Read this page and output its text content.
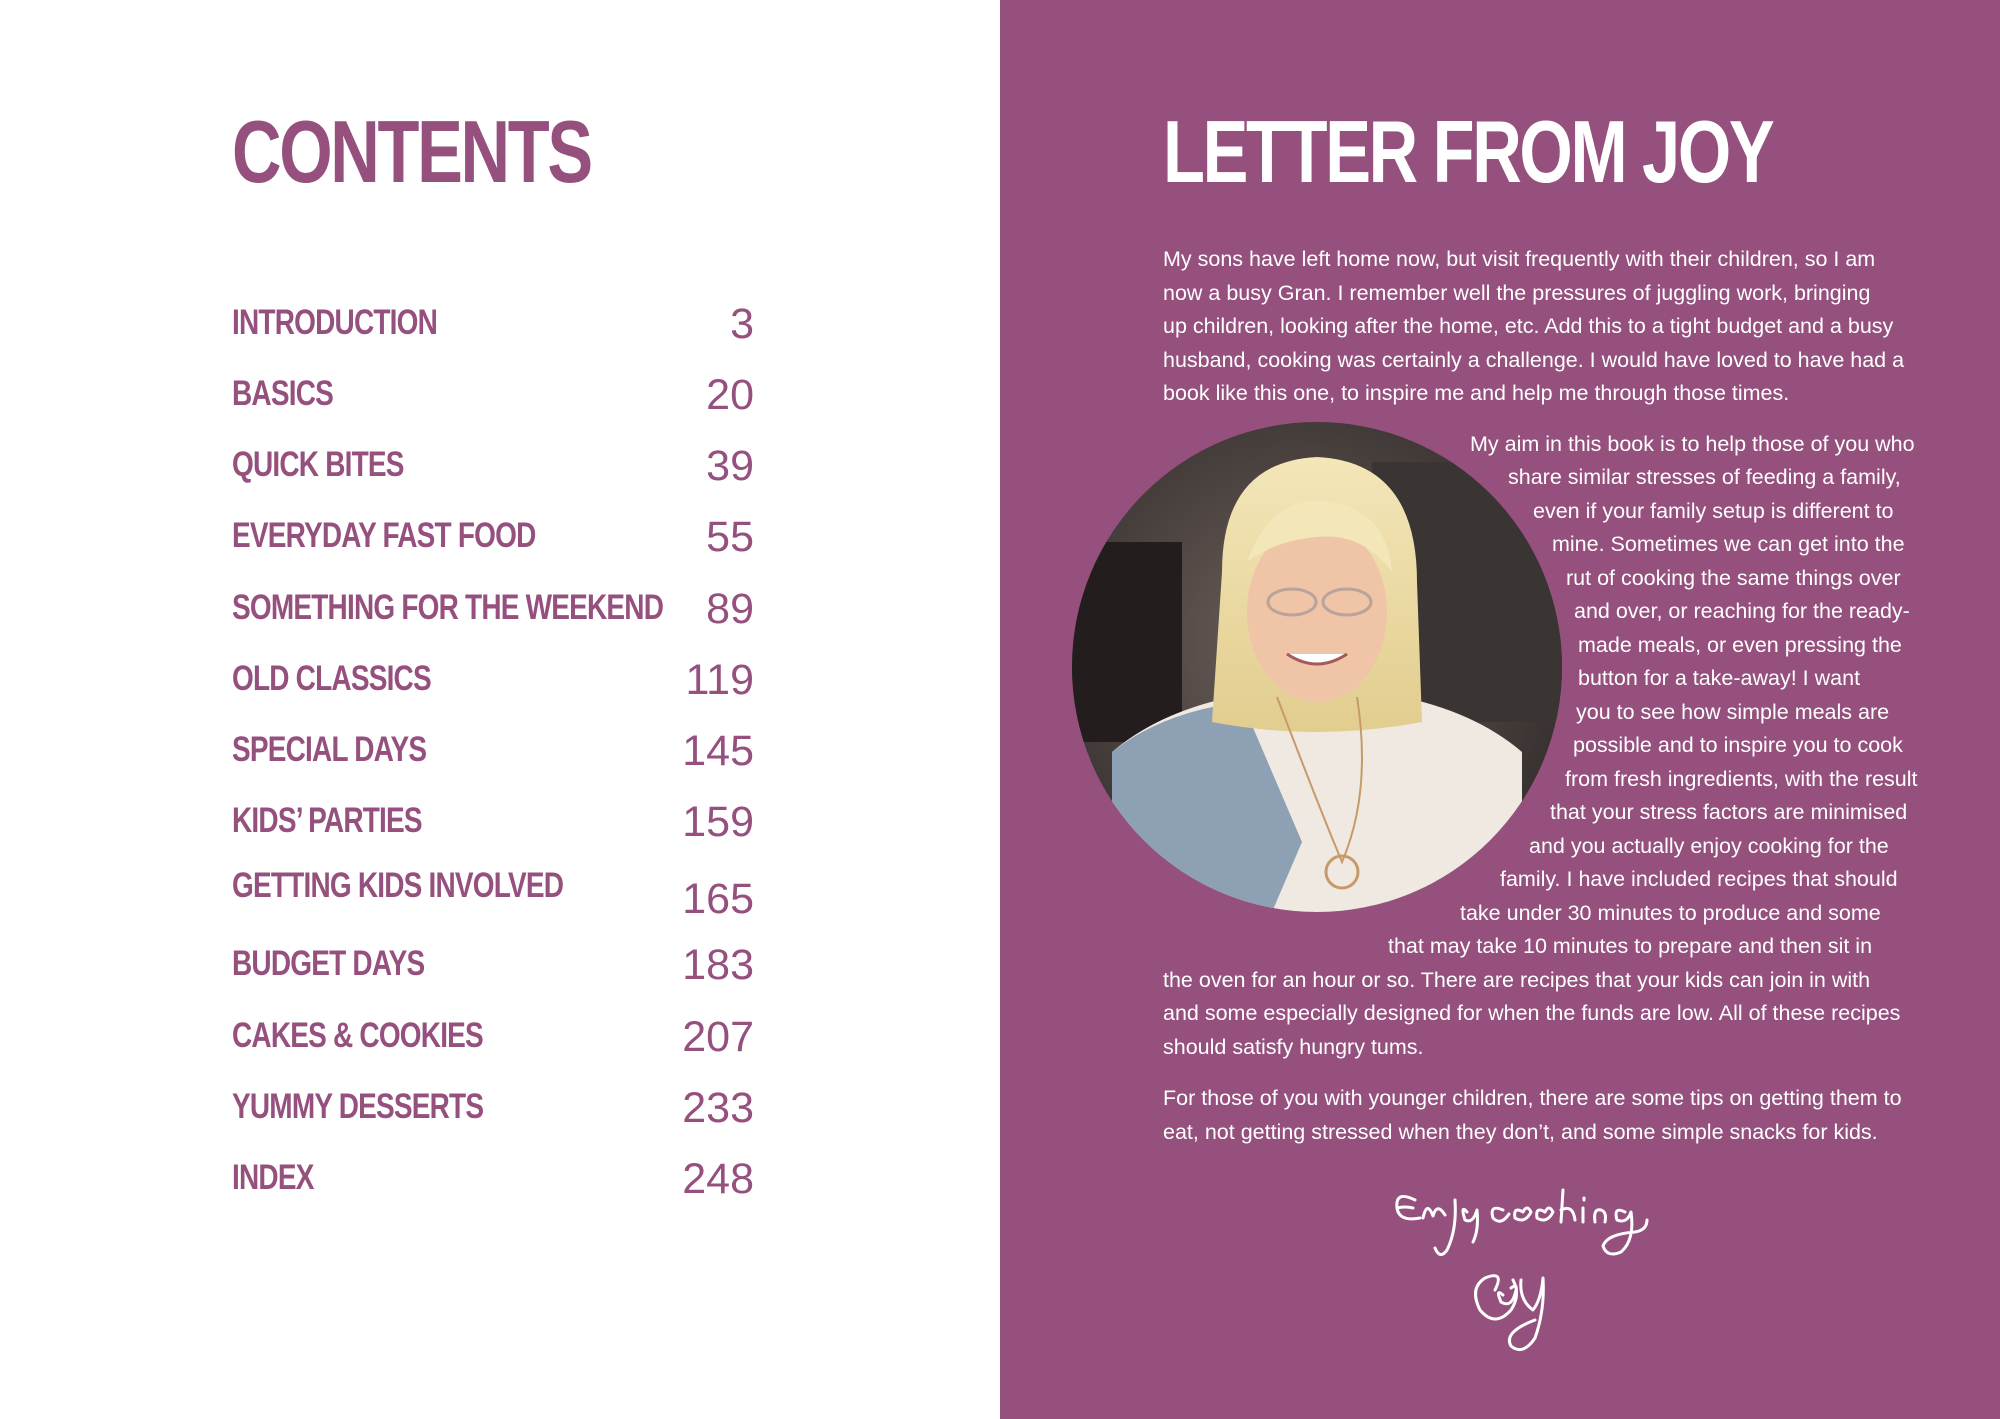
CONTENTS
INTRODUCTION	3
BASICS	20
QUICK BITES	39
EVERYDAY FAST FOOD	55
SOMETHING FOR THE WEEKEND 89
OLD CLASSICS	119
SPECIAL DAYS	145
KIDS’ PARTIES	159
GETTING KIDS INVOLVED	165
BUDGET DAYS	183
CAKES & COOKIES	207
YUMMY DESSERTS	233
INDEX	248
LETTER FROM JOY

My sons have left home now, but visit frequently with their children, so I am

now a busy Gran. I remember well the pressures of juggling work, bringing

up children, looking after the home, etc. Add this to a tight budget and a busy

husband, cooking was certainly a challenge. I would have loved to have had a

book like this one, to inspire me and help me through those times.

My aim in this book is to help those of you who
share similar stresses of feeding a family,
even if your family setup is different to
mine. Sometimes we can get into the
rut of cooking the same things over
and over, or reaching for the ready-
made meals, or even pressing the
button for a take-away! I want
you to see how simple meals are
possible and to inspire you to cook
from fresh ingredients, with the result
that your stress factors are minimised
and you actually enjoy cooking for the
family. I have included recipes that should
take under 30 minutes to produce and some
that may take 10 minutes to prepare and then sit in
the oven for an hour or so. There are recipes that your kids can join in with
and some especially designed for when the funds are low. All of these recipes
should satisfy hungry tums.

For those of you with younger children, there are some tips on getting them to

eat, not getting stressed when they don’t, and some simple snacks for kids.
